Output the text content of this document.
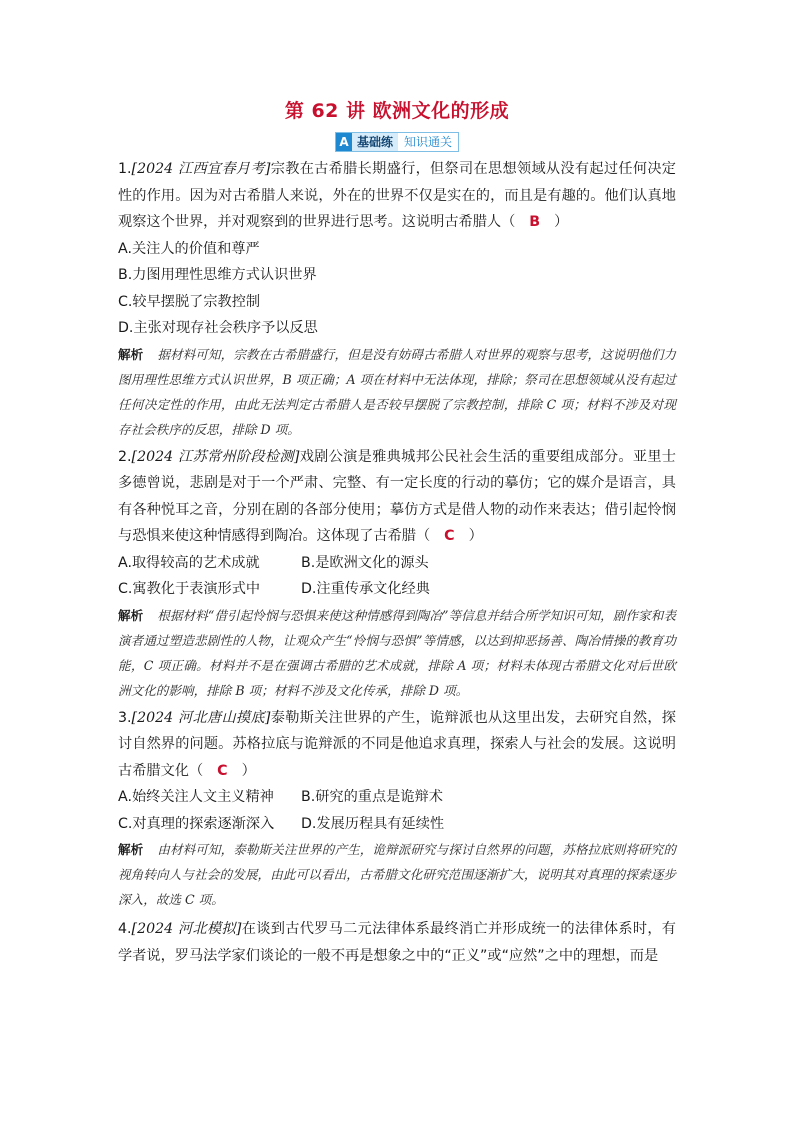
第 62 讲 欧洲文化的形成
A 基础练 知识通关
1.[2024 江西宜春月考]宗教在古希腊长期盛行，但祭司在思想领域从没有起过任何决定性的作用。因为对古希腊人来说，外在的世界不仅是实在的，而且是有趣的。他们认真地观察这个世界，并对观察到的世界进行思考。这说明古希腊人（ B ）
A.关注人的价值和尊严
B.力图用理性思维方式认识世界
C.较早摆脱了宗教控制
D.主张对现存社会秩序予以反思
解析 据材料可知，宗教在古希腊盛行，但是没有妨碍古希腊人对世界的观察与思考，这说明他们力图用理性思维方式认识世界，B 项正确；A 项在材料中无法体现，排除；祭司在思想领域从没有起过任何决定性的作用，由此无法判定古希腊人是否较早摆脱了宗教控制，排除 C 项；材料不涉及对现存社会秩序的反思，排除 D 项。
2.[2024 江苏常州阶段检测]戏剧公演是雅典城邦公民社会生活的重要组成部分。亚里士多德曾说，悲剧是对于一个严肃、完整、有一定长度的行动的摹仿；它的媒介是语言，具有各种悦耳之音，分别在剧的各部分使用；摹仿方式是借人物的动作来表达；借引起怜悯与恐惧来使这种情感得到陶冶。这体现了古希腊（ C ）
A.取得较高的艺术成就	B.是欧洲文化的源头
C.寓教化于表演形式中	D.注重传承文化经典
解析 根据材料“借引起怜悯与恐惧来使这种情感得到陶冶”等信息并结合所学知识可知，剧作家和表演者通过塑造悲剧性的人物，让观众产生“怜悯与恐惧”等情感，以达到抑恶扬善、陶冶情操的教育功能，C 项正确。材料并不是在强调古希腊的艺术成就，排除 A 项；材料未体现古希腊文化对后世欧洲文化的影响，排除 B 项；材料不涉及文化传承，排除 D 项。
3.[2024 河北唐山摸底]泰勒斯关注世界的产生，诡辩派也从这里出发，去研究自然，探讨自然界的问题。苏格拉底与诡辩派的不同是他追求真理，探索人与社会的发展。这说明古希腊文化（ C ）
A.始终关注人文主义精神	B.研究的重点是诡辩术
C.对真理的探索逐渐深入	D.发展历程具有延续性
解析 由材料可知，泰勒斯关注世界的产生，诡辩派研究与探讨自然界的问题，苏格拉底则将研究的视角转向人与社会的发展，由此可以看出，古希腊文化研究范围逐渐扩大，说明其对真理的探索逐步深入，故选 C 项。
4.[2024 河北模拟]在谈到古代罗马二元法律体系最终消亡并形成统一的法律体系时，有学者说，罗马法学家们谈论的一般不再是想象之中的“正义”或“应然”之中的理想，而是
